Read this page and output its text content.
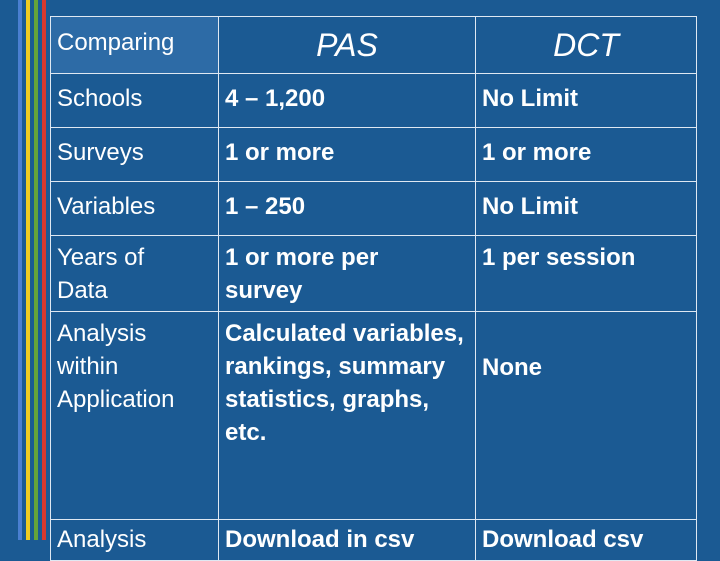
Comparing	PAS	DCT

Schools	4 – 1,200	No Limit

Surveys	1 or more	1 or more

Variables	1 – 250	No Limit

Years of Data	1 or more per survey	1 per session

Analysis within Application	Calculated variables, rankings, summary statistics, graphs, etc.	None

Analysis	Download in csv	Download csv
